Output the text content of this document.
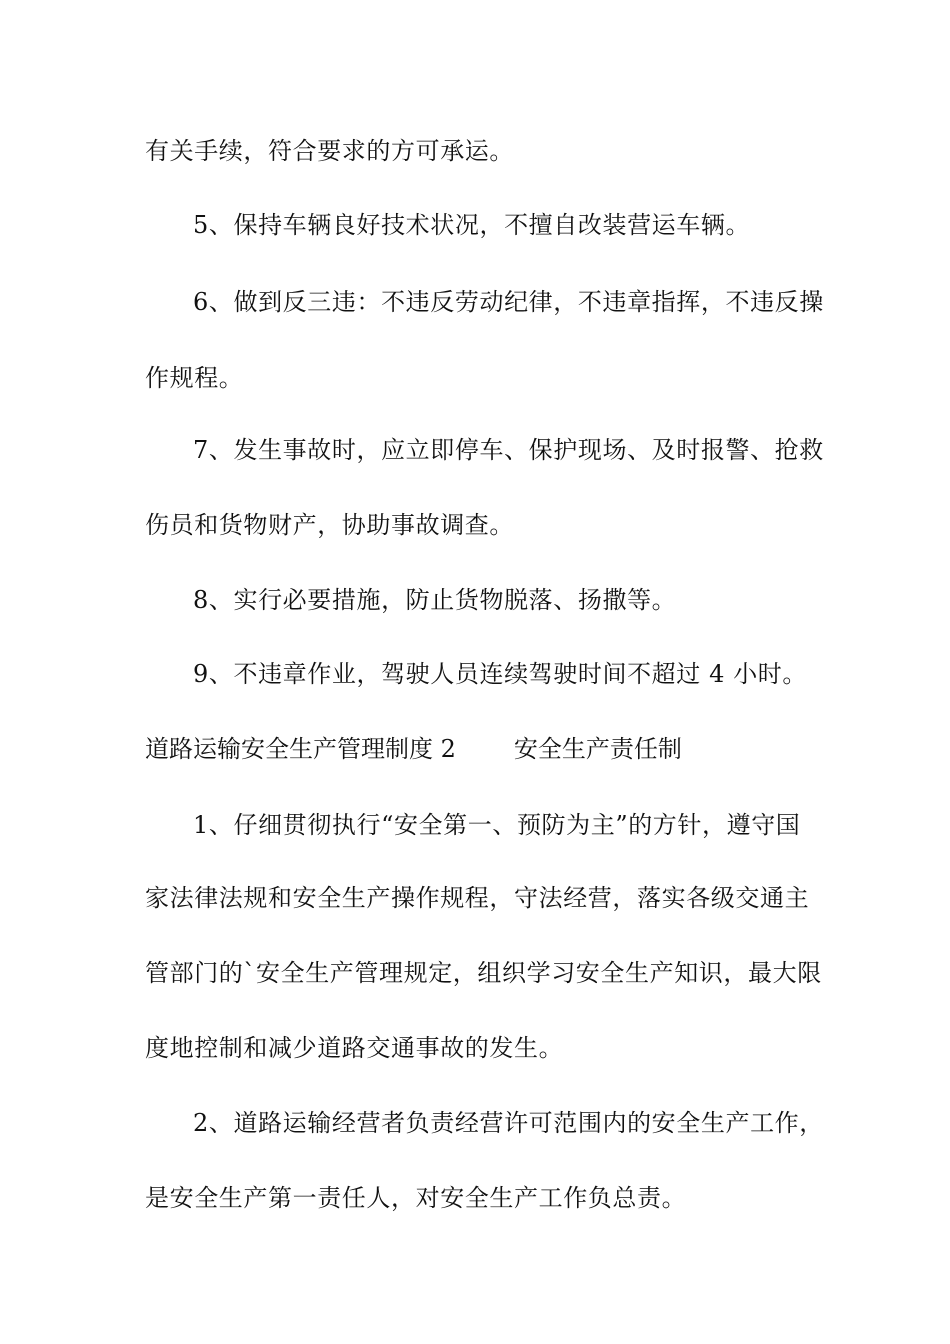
有关手续，符合要求的方可承运。
5、保持车辆良好技术状况，不擅自改装营运车辆。
6、做到反三违：不违反劳动纪律，不违章指挥，不违反操
作规程。
7、发生事故时，应立即停车、保护现场、及时报警、抢救
伤员和货物财产，协助事故调查。
8、实行必要措施，防止货物脱落、扬撒等。
9、不违章作业，驾驶人员连续驾驶时间不超过 4 小时。
道路运输安全生产管理制度 2 安全生产责任制
1、仔细贯彻执行“安全第一、预防为主”的方针，遵守国
家法律法规和安全生产操作规程，守法经营，落实各级交通主
管部门的`安全生产管理规定，组织学习安全生产知识，最大限
度地控制和减少道路交通事故的发生。
2、道路运输经营者负责经营许可范围内的安全生产工作，
是安全生产第一责任人，对安全生产工作负总责。
